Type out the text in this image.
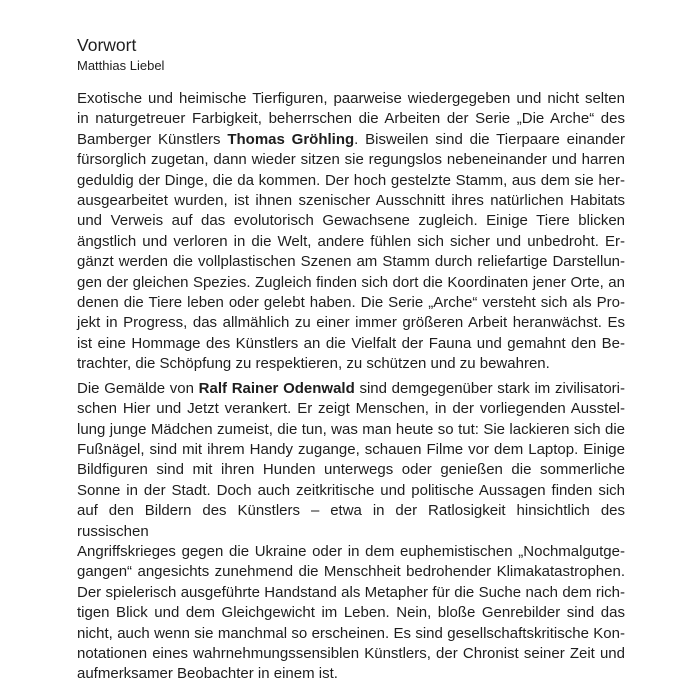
Vorwort
Matthias Liebel
Exotische und heimische Tierfiguren, paarweise wiedergegeben und nicht selten
in naturgetreuer Farbigkeit, beherrschen die Arbeiten der Serie „Die Arche“ des
Bamberger Künstlers Thomas Gröhling. Bisweilen sind die Tierpaare einander
fürsorglich zugetan, dann wieder sitzen sie regungslos nebeneinander und harren
geduldig der Dinge, die da kommen. Der hoch gestelzte Stamm, aus dem sie her-
ausgearbeitet wurden, ist ihnen szenischer Ausschnitt ihres natürlichen Habitats
und Verweis auf das evolutorisch Gewachsene zugleich. Einige Tiere blicken
ängstlich und verloren in die Welt, andere fühlen sich sicher und unbedroht. Er-
gänzt werden die vollplastischen Szenen am Stamm durch reliefartige Darstellun-
gen der gleichen Spezies. Zugleich finden sich dort die Koordinaten jener Orte, an
denen die Tiere leben oder gelebt haben. Die Serie „Arche“ versteht sich als Pro-
jekt in Progress, das allmählich zu einer immer größeren Arbeit heranwächst. Es
ist eine Hommage des Künstlers an die Vielfalt der Fauna und gemahnt den Be-
trachter, die Schöpfung zu respektieren, zu schützen und zu bewahren.
Die Gemälde von Ralf Rainer Odenwald sind demgegenüber stark im zivilisatori-
schen Hier und Jetzt verankert. Er zeigt Menschen, in der vorliegenden Ausstel-
lung junge Mädchen zumeist, die tun, was man heute so tut: Sie lackieren sich die
Fußnägel, sind mit ihrem Handy zugange, schauen Filme vor dem Laptop. Einige
Bildfiguren sind mit ihren Hunden unterwegs oder genießen die sommerliche
Sonne in der Stadt. Doch auch zeitkritische und politische Aussagen finden sich
auf den Bildern des Künstlers – etwa in der Ratlosigkeit hinsichtlich des russischen
Angriffskrieges gegen die Ukraine oder in dem euphemistischen „Nochmalgutge-
gangen“ angesichts zunehmend die Menschheit bedrohender Klimakatastrophen.
Der spielerisch ausgeführte Handstand als Metapher für die Suche nach dem rich-
tigen Blick und dem Gleichgewicht im Leben. Nein, bloße Genrebilder sind das
nicht, auch wenn sie manchmal so erscheinen. Es sind gesellschaftskritische Kon-
notationen eines wahrnehmungssensiblen Künstlers, der Chronist seiner Zeit und
aufmerksamer Beobachter in einem ist.
